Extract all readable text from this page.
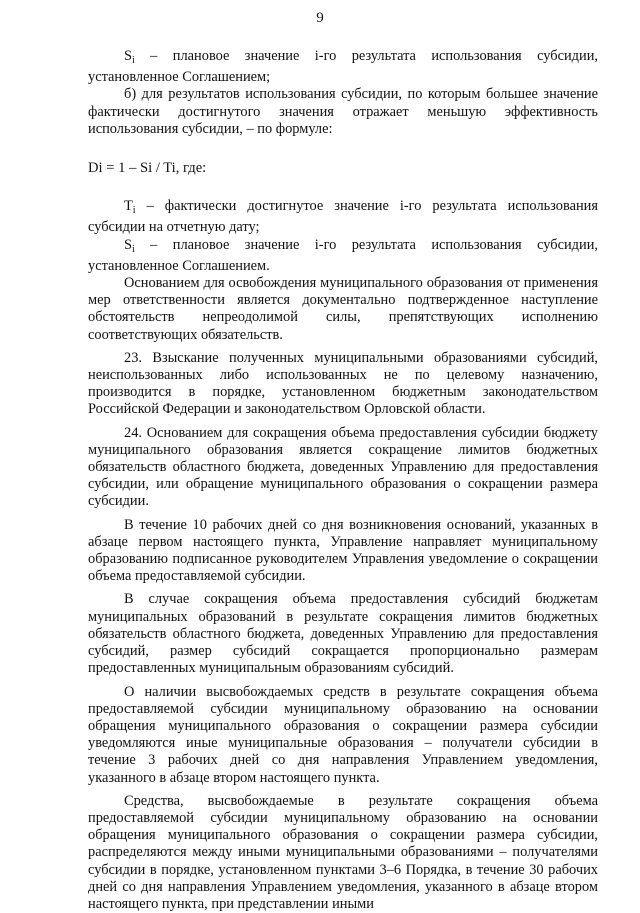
9

$S_i$ – плановое значение i-го результата использования субсидии, установленное Соглашением;

б) для результатов использования субсидии, по которым большее значение фактически достигнутого значения отражает меньшую эффективность использования субсидии, – по формуле:

Di = 1 – Si / Ti, где:

$T_i$ – фактически достигнутое значение i-го результата использования субсидии на отчетную дату;

$S_i$ – плановое значение i-го результата использования субсидии, установленное Соглашением.

Основанием для освобождения муниципального образования от применения мер ответственности является документально подтвержденное наступление обстоятельств непреодолимой силы, препятствующих исполнению соответствующих обязательств.

23. Взыскание полученных муниципальными образованиями субсидий, неиспользованных либо использованных не по целевому назначению, производится в порядке, установленном бюджетным законодательством Российской Федерации и законодательством Орловской области.

24. Основанием для сокращения объема предоставления субсидии бюджету муниципального образования является сокращение лимитов бюджетных обязательств областного бюджета, доведенных Управлению для предоставления субсидии, или обращение муниципального образования о сокращении размера субсидии.

В течение 10 рабочих дней со дня возникновения оснований, указанных в абзаце первом настоящего пункта, Управление направляет муниципальному образованию подписанное руководителем Управления уведомление о сокращении объема предоставляемой субсидии.

В случае сокращения объема предоставления субсидий бюджетам муниципальных образований в результате сокращения лимитов бюджетных обязательств областного бюджета, доведенных Управлению для предоставления субсидий, размер субсидий сокращается пропорционально размерам предоставленных муниципальным образованиям субсидий.

О наличии высвобождаемых средств в результате сокращения объема предоставляемой субсидии муниципальному образованию на основании обращения муниципального образования о сокращении размера субсидии уведомляются иные муниципальные образования – получатели субсидии в течение 3 рабочих дней со дня направления Управлением уведомления, указанного в абзаце втором настоящего пункта.

Средства, высвобождаемые в результате сокращения объема предоставляемой субсидии муниципальному образованию на основании обращения муниципального образования о сокращении размера субсидии, распределяются между иными муниципальными образованиями – получателями субсидии в порядке, установленном пунктами 3–6 Порядка, в течение 30 рабочих дней со дня направления Управлением уведомления, указанного в абзаце втором настоящего пункта, при представлении иными
